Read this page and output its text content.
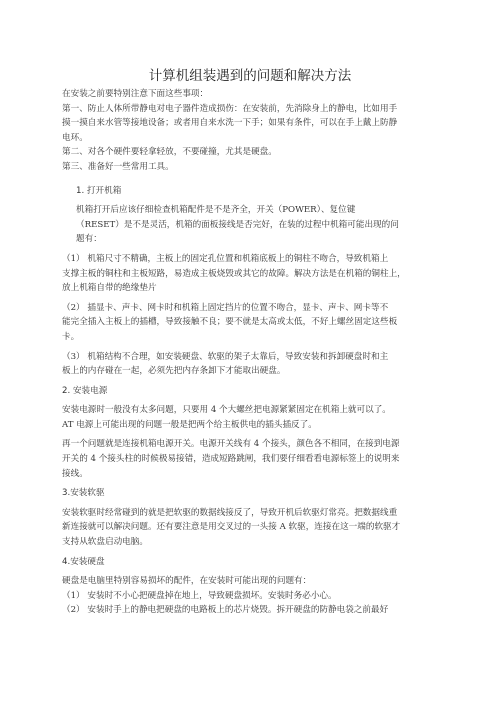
计算机组装遇到的问题和解决方法

在安装之前要特别注意下面这些事项：

第一、防止人体所带静电对电子器件造成损伤：在安装前，先消除身上的静电，比如用手

摸一摸自来水管等接地设备；或者用自来水洗一下手；如果有条件，可以在手上戴上防静

电环。

第二、对各个硬件要轻拿轻放，不要碰撞，尤其是硬盘。

第三、准备好一些常用工具。

1. 打开机箱

机箱打开后应该仔细检查机箱配件是不是齐全，开关（POWER）、复位键

（RESET）是不是灵活，机箱的面板接线是否完好，在装的过程中机箱可能出现的问

题有：

（1） 机箱尺寸不精确，主板上的固定孔位置和机箱底板上的铜柱不吻合，导致机箱上

支撑主板的铜柱和主板短路，易造成主板烧毁或其它的故障。解决方法是在机箱的铜柱上，

放上机箱自带的绝缘垫片

（2） 插显卡、声卡、网卡时和机箱上固定挡片的位置不吻合，显卡、声卡、网卡等不

能完全插入主板上的插槽，导致接触不良；要不就是太高或太低，不好上螺丝固定这些板

卡。

（3） 机箱结构不合理，如安装硬盘、软驱的架子太靠后，导致安装和拆卸硬盘时和主

板上的内存碰在一起，必须先把内存条卸下才能取出硬盘。

2. 安装电源

安装电源时一般没有太多问题，只要用 4 个大螺丝把电源紧紧固定在机箱上就可以了。

AT 电源上可能出现的问题一般是把两个给主板供电的插头插反了。

再一个问题就是连接机箱电源开关。电源开关线有 4 个接头，颜色各不相同，在接到电源

开关的 4 个接头柱的时候极易接错，造成短路跳闸，我们要仔细看看电源标签上的说明来

接线。

3.安装软驱

安装软驱时经常碰到的就是把软驱的数据线接反了，导致开机后软驱灯常亮。把数据线重

新连接就可以解决问题。还有要注意是用交叉过的一头接 A 软驱，连接在这一端的软驱才

支持从软盘启动电脑。

4.安装硬盘

硬盘是电脑里特别容易损坏的配件，在安装时可能出现的问题有：

（1） 安装时不小心把硬盘掉在地上，导致硬盘损坏。安装时务必小心。

（2） 安装时手上的静电把硬盘的电路板上的芯片烧毁。拆开硬盘的防静电袋之前最好
